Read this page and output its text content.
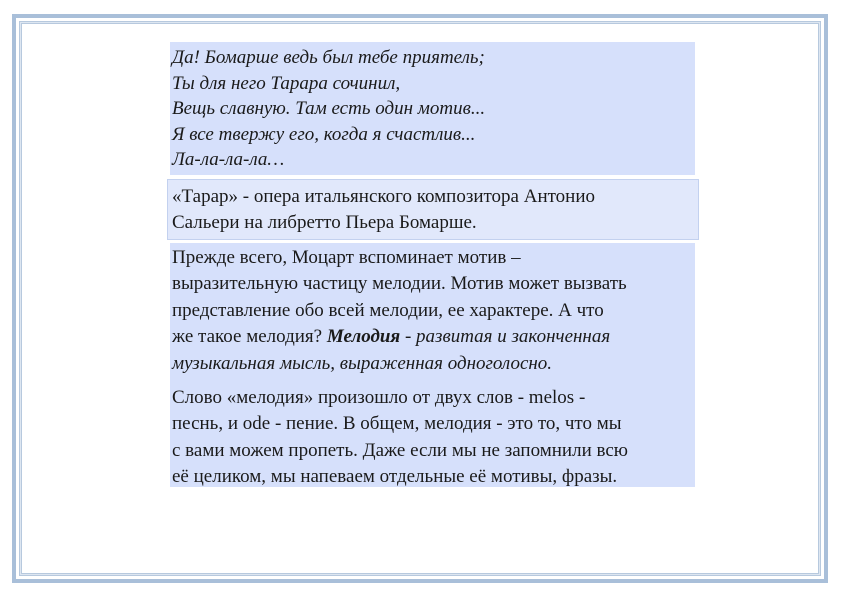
Да! Бомарше ведь был тебе приятель;
Ты для него Тарара сочинил,
Вещь славную. Там есть один мотив...
Я все твержу его, когда я счастлив...
Ла-ла-ла-ла…
«Тарар» - опера итальянского композитора Антонио
Сальери на либретто Пьера Бомарше.

Прежде всего, Моцарт вспоминает мотив –
выразительную частицу мелодии. Мотив может вызвать
представление обо всей мелодии, ее характере. А что
же такое мелодия? Мелодия - развитая и законченная
музыкальная мысль, выраженная одноголосно.

Слово «мелодия» произошло от двух слов - melos -
песнь, и ode - пение. В общем, мелодия - это то, что мы
с вами можем пропеть. Даже если мы не запомнили всю
её целиком, мы напеваем отдельные её мотивы, фразы.
